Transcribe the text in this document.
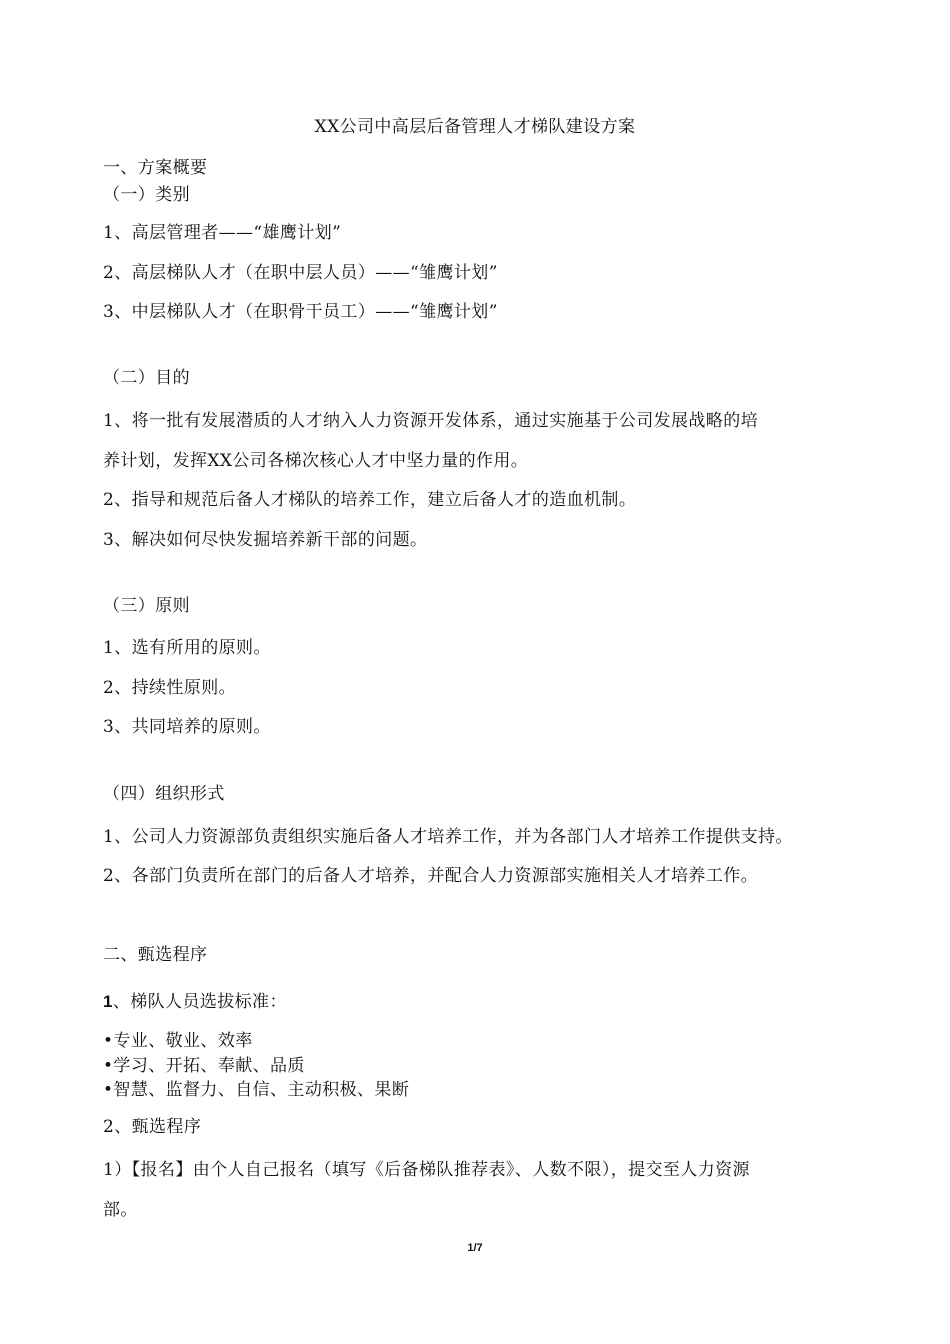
XX公司中高层后备管理人才梯队建设方案
一、方案概要
（一）类别
1、高层管理者——“雄鹰计划”
2、高层梯队人才（在职中层人员）——“雏鹰计划”
3、中层梯队人才（在职骨干员工）——“雏鹰计划”
（二）目的
1、将一批有发展潜质的人才纳入人力资源开发体系，通过实施基于公司发展战略的培
养计划，发挥XX公司各梯次核心人才中坚力量的作用。
2、指导和规范后备人才梯队的培养工作，建立后备人才的造血机制。
3、解决如何尽快发掘培养新干部的问题。
（三）原则
1、选有所用的原则。
2、持续性原则。
3、共同培养的原则。
（四）组织形式
1、公司人力资源部负责组织实施后备人才培养工作，并为各部门人才培养工作提供支持。
2、各部门负责所在部门的后备人才培养，并配合人力资源部实施相关人才培养工作。
二、甄选程序
1、梯队人员选拔标准：
•专业、敬业、效率
•学习、开拓、奉献、品质
•智慧、监督力、自信、主动积极、果断
2、甄选程序
1）【报名】由个人自己报名（填写《后备梯队推荐表》、人数不限），提交至人力资源
部。
1/7
